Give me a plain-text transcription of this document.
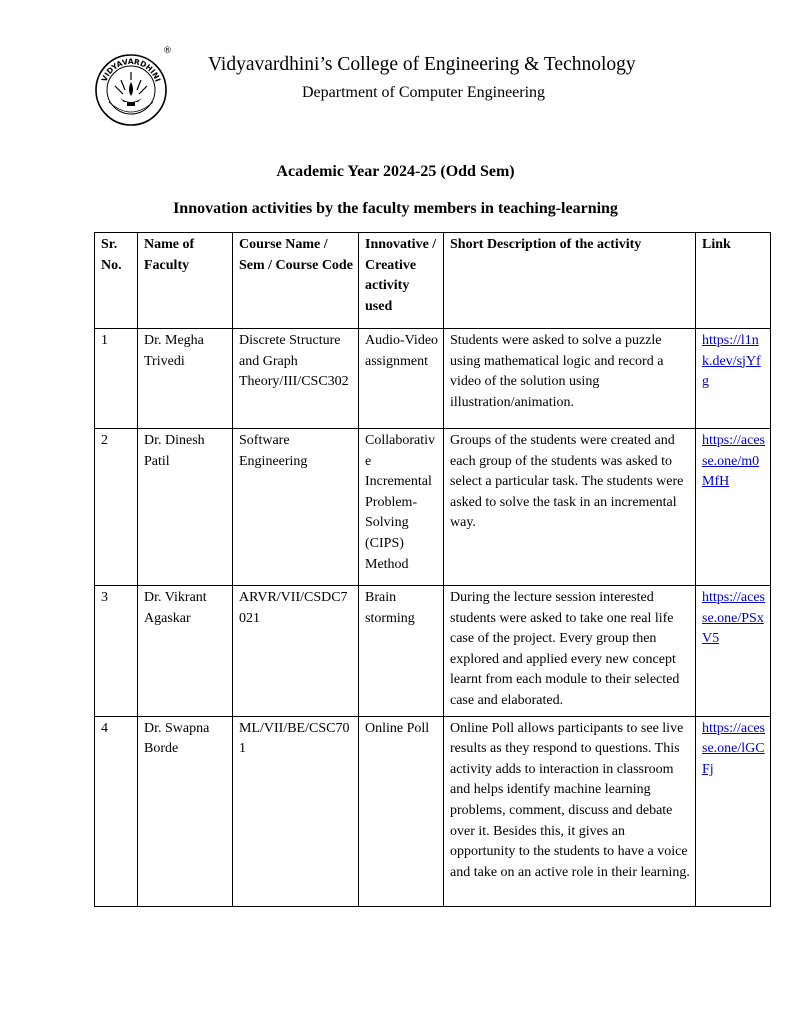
VIDYAVARDHINI
®
Vidyavardhini’s College of Engineering & Technology
Department of Computer Engineering
Academic Year 2024-25 (Odd Sem)
Innovation activities by the faculty members in teaching-learning
Sr. No.	Name of Faculty	Course Name / Sem / Course Code	Innovative / Creative activity used	Short Description of the activity	Link
1	Dr. Megha Trivedi	Discrete Structure and Graph Theory/III/CSC302	Audio-Video assignment	Students were asked to solve a puzzle using mathematical logic and record a video of the solution using illustration/animation.	https://l1nk.dev/sjYfg
2	Dr. Dinesh Patil	Software Engineering	Collaborative Incremental Problem-Solving (CIPS) Method	Groups of the students were created and each group of the students was asked to select a particular task. The students were asked to solve the task in an incremental way.	https://acesse.one/m0MfH
3	Dr. Vikrant Agaskar	ARVR/VII/CSDC7021	Brain storming	During the lecture session interested students were asked to take one real life case of the project. Every group then explored and applied every new concept learnt from each module to their selected case and elaborated.	https://acesse.one/PSxV5
4	Dr. Swapna Borde	ML/VII/BE/CSC701	Online Poll	Online Poll allows participants to see live results as they respond to questions. This activity adds to interaction in classroom and helps identify machine learning problems, comment, discuss and debate over it. Besides this, it gives an opportunity to the students to have a voice and take on an active role in their learning.	https://acesse.one/lGCFj
